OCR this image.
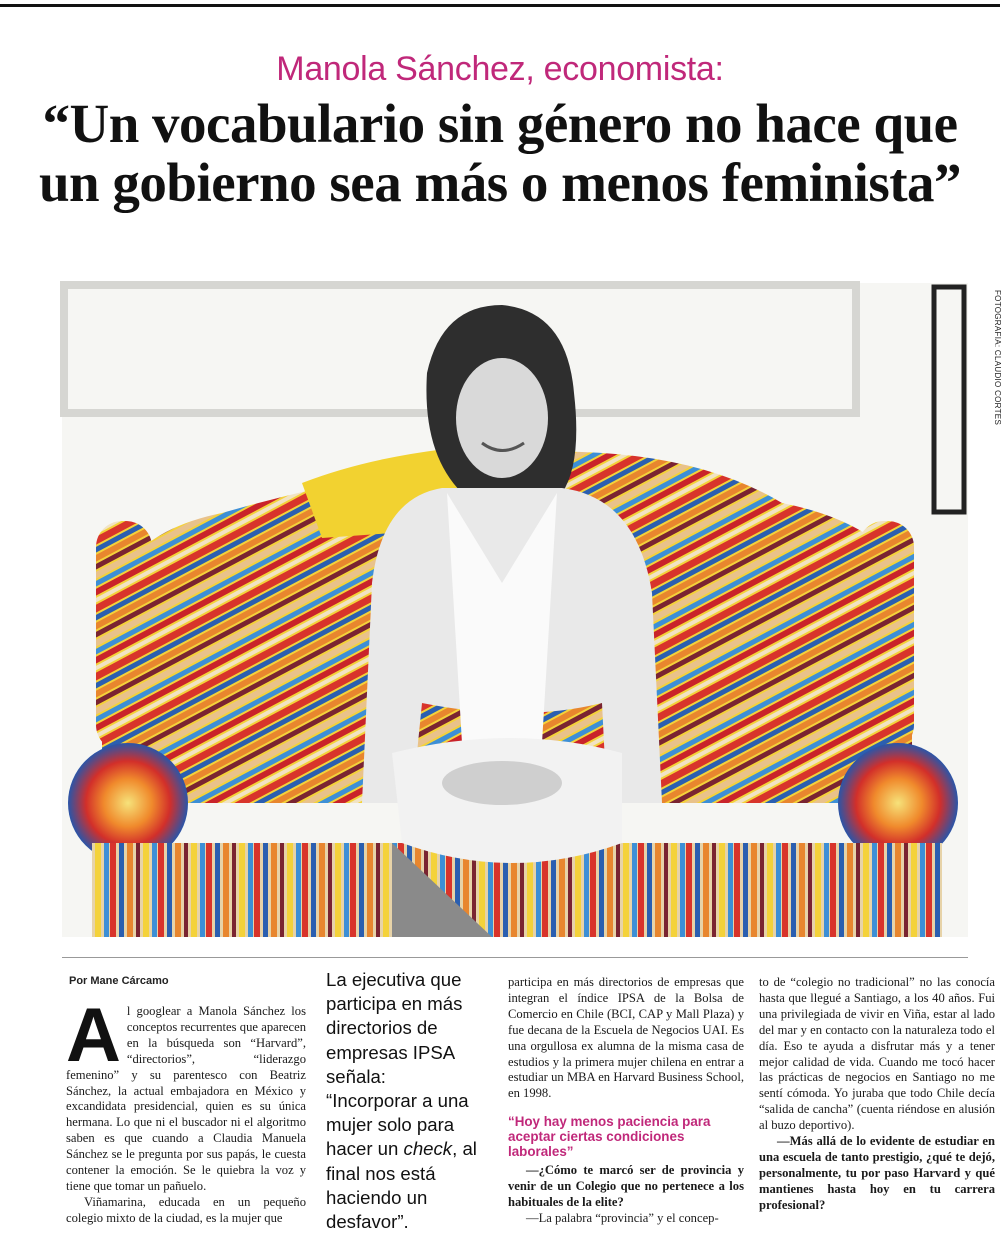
Manola Sánchez, economista:
“Un vocabulario sin género no hace que un gobierno sea más o menos feminista”
FOTOGRAFIA: CLAUDIO CORTES
Por Mane Cárcamo
A l googlear a Manola Sánchez los conceptos recurrentes que aparecen en la búsqueda son “Harvard”, “directorios”, “liderazgo femenino” y su parentesco con Beatriz Sánchez, la actual embajadora en México y excandidata presidencial, quien es su única hermana. Lo que ni el buscador ni el algoritmo saben es que cuando a Claudia Manuela Sánchez se le pregunta por sus papás, le cuesta contener la emoción. Se le quiebra la voz y tiene que tomar un pañuelo.

Viñamarina, educada en un pequeño colegio mixto de la ciudad, es la mujer que

La ejecutiva que participa en más directorios de empresas IPSA señala:

“Incorporar a una mujer solo para hacer un check, al final nos está haciendo un desfavor”.

participa en más directorios de empresas que integran el índice IPSA de la Bolsa de Comercio en Chile (BCI, CAP y Mall Plaza) y fue decana de la Escuela de Negocios UAI. Es una orgullosa ex alumna de la misma casa de estudios y la primera mujer chilena en entrar a estudiar un MBA en Harvard Business School, en 1998.

“Hoy hay menos paciencia para aceptar ciertas condiciones laborales”

—¿Cómo te marcó ser de provincia y venir de un Colegio que no pertenece a los habituales de la elite?

—La palabra “provincia” y el concep-

to de “colegio no tradicional” no las conocía hasta que llegué a Santiago, a los 40 años. Fui una privilegiada de vivir en Viña, estar al lado del mar y en contacto con la naturaleza todo el día. Eso te ayuda a disfrutar más y a tener mejor calidad de vida. Cuando me tocó hacer las prácticas de negocios en Santiago no me sentí cómoda. Yo juraba que todo Chile decía “salida de cancha” (cuenta riéndose en alusión al buzo deportivo).

—Más allá de lo evidente de estudiar en una escuela de tanto prestigio, ¿qué te dejó, personalmente, tu por paso Harvard y qué mantienes hasta hoy en tu carrera profesional?
